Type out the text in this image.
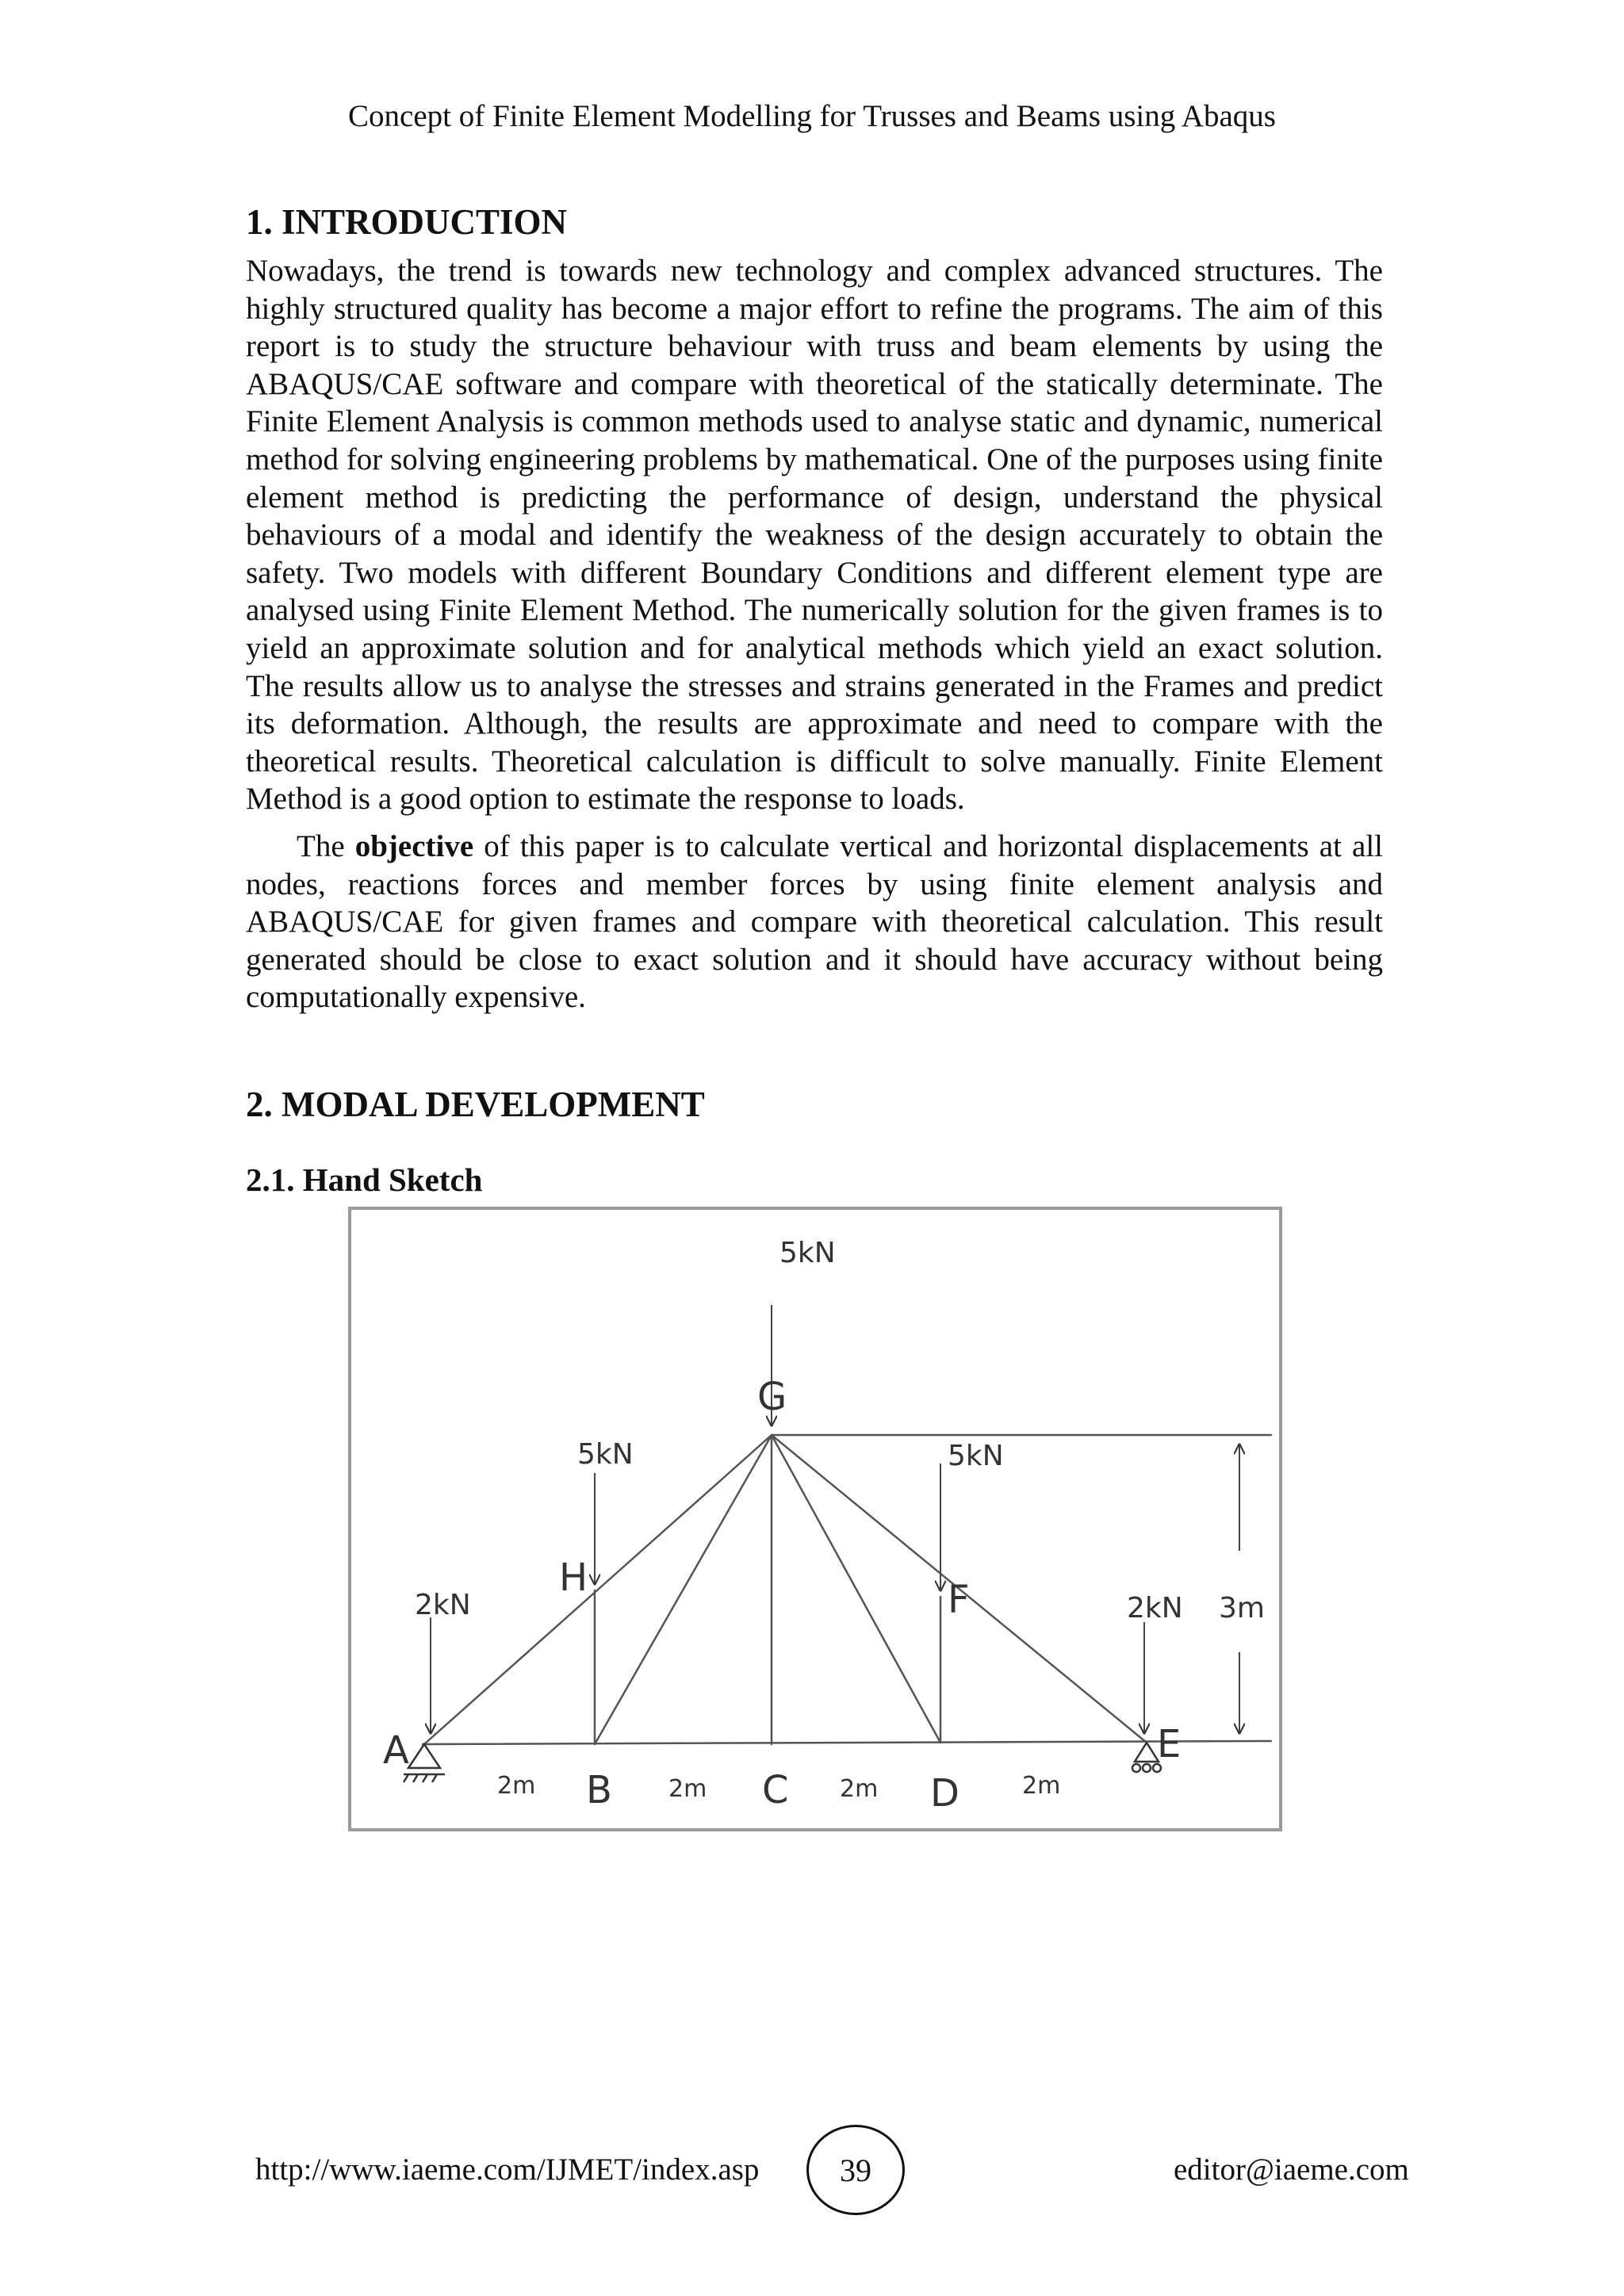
Concept of Finite Element Modelling for Trusses and Beams using Abaqus
1. INTRODUCTION

Nowadays, the trend is towards new technology and complex advanced structures. The highly structured quality has become a major effort to refine the programs. The aim of this report is to study the structure behaviour with truss and beam elements by using the ABAQUS/CAE software and compare with theoretical of the statically determinate. The Finite Element Analysis is common methods used to analyse static and dynamic, numerical method for solving engineering problems by mathematical. One of the purposes using finite element method is predicting the performance of design, understand the physical behaviours of a modal and identify the weakness of the design accurately to obtain the safety. Two models with different Boundary Conditions and different element type are analysed using Finite Element Method. The numerically solution for the given frames is to yield an approximate solution and for analytical methods which yield an exact solution. The results allow us to analyse the stresses and strains generated in the Frames and predict its deformation. Although, the results are approximate and need to compare with the theoretical results. Theoretical calculation is difficult to solve manually. Finite Element Method is a good option to estimate the response to loads.

The objective of this paper is to calculate vertical and horizontal displacements at all nodes, reactions forces and member forces by using finite element analysis and ABAQUS/CAE for given frames and compare with theoretical calculation. This result generated should be close to exact solution and it should have accuracy without being computationally expensive.

2. MODAL DEVELOPMENT
2.1. Hand Sketch
A
B	C	D
E
F
G
H
5kN
5kN	5kN
2kN	2kN
2m	2m	2m	2m
3m
http://www.iaeme.com/IJMET/index.asp	39	editor@iaeme.com
